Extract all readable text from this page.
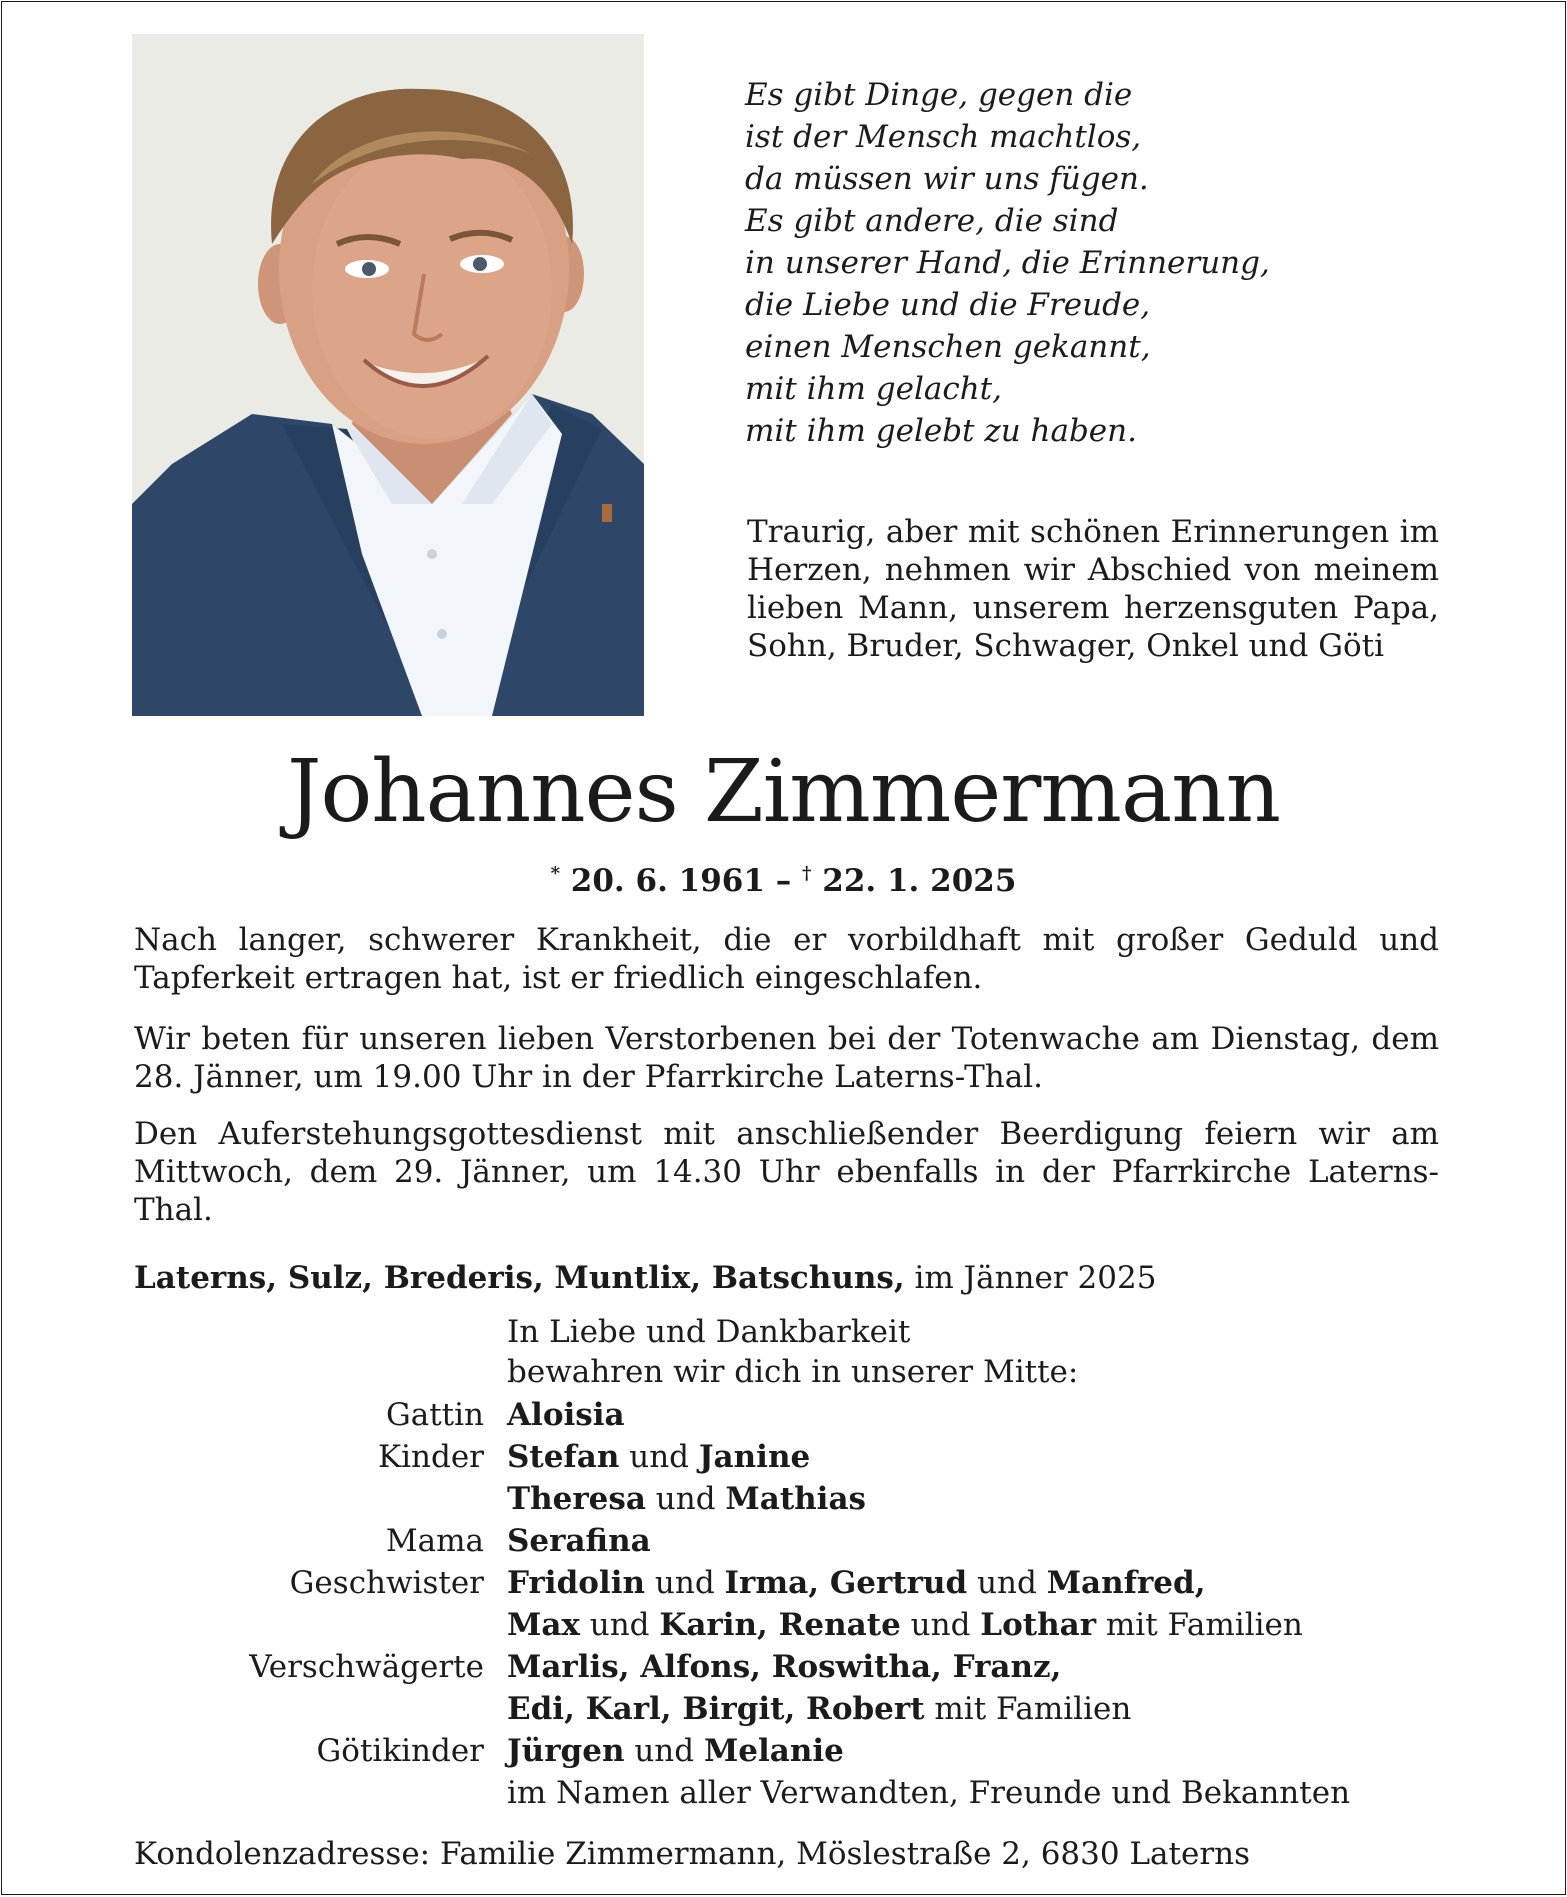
Es gibt Dinge, gegen die
ist der Mensch machtlos,
da müssen wir uns fügen.
Es gibt andere, die sind
in unserer Hand, die Erinnerung,
die Liebe und die Freude,
einen Menschen gekannt,
mit ihm gelacht,
mit ihm gelebt zu haben.
Traurig, aber mit schönen Erinnerungen im Herzen, nehmen wir Abschied von meinem lieben Mann, unserem herzensguten Papa, Sohn, Bruder, Schwager, Onkel und Göti
Johannes Zimmermann
* 20. 6. 1961 – † 22. 1. 2025
Nach langer, schwerer Krankheit, die er vorbildhaft mit großer Geduld und Tapferkeit ertragen hat, ist er friedlich eingeschlafen.
Wir beten für unseren lieben Verstorbenen bei der Totenwache am Dienstag, dem 28. Jänner, um 19.00 Uhr in der Pfarrkirche Laterns-Thal.
Den Auferstehungsgottesdienst mit anschließender Beerdigung feiern wir am Mittwoch, dem 29. Jänner, um 14.30 Uhr ebenfalls in der Pfarrkirche Laterns-Thal.
Laterns, Sulz, Brederis, Muntlix, Batschuns, im Jänner 2025
In Liebe und Dankbarkeit
bewahren wir dich in unserer Mitte:
Gattin Aloisia
Kinder Stefan und Janine
Theresa und Mathias
Mama Serafina
Geschwister Fridolin und Irma, Gertrud und Manfred,
Max und Karin, Renate und Lothar mit Familien
Verschwägerte Marlis, Alfons, Roswitha, Franz,
Edi, Karl, Birgit, Robert mit Familien
Götikinder Jürgen und Melanie
im Namen aller Verwandten, Freunde und Bekannten
Kondolenzadresse: Familie Zimmermann, Möslestraße 2, 6830 Laterns
